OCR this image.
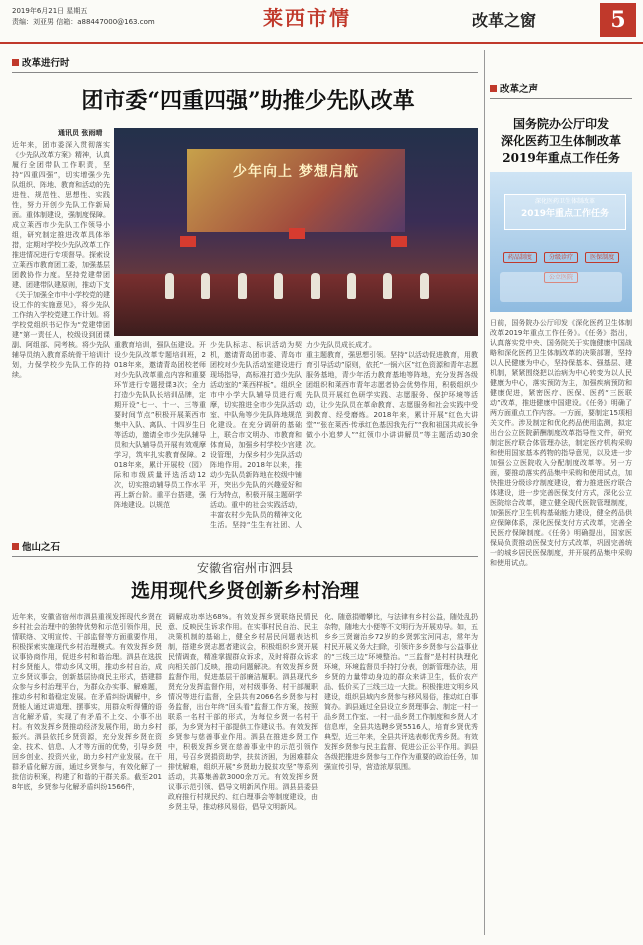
2019年6月21日 星期五
责编：刘亚男 信箱：a88447000@163.com	莱西市情	改革之窗	5
改革进行时
团市委“四重四强”助推少先队改革
通讯员 张雨晴
近年来，团市委深入贯彻落实《少先队改革方案》精神，认真履行全团带队工作职责，坚持“四重四强”，切实增强少先队组织、阵地、教育和活动的先进性、规范性、思想性、实践性，努力开创少先队工作新局面。重体制建设，强制度保障。成立莱西市少先队工作领导小组，研究制定推进改革具体举措，定期对学校少先队改革工作推进情况进行专项督导。探索设立莱西市教育团工委，加强基层团教协作力度。坚持党建带团建、团建带队建原则，推动下支《关于加强全市中小学校党的建设工作的实施意见》，将少先队工作纳入学校党建工作计划。将学校党组织书记作为“党建带团建”第一责任人，校级设到团课副、阿组部、同考核。将少先队辅导员纳入教育系统骨干培训计划，力保学校少先队工作的持续。
少年向上 梦想启航
重教育培训，强队伍建设。开设少先队改革专题培训班，2018年来，邀请青岛团校老师对少先队改革重点内容和重要环节进行专题授课3次；全力打造少先队队长培训品牌，定期开设“七一、十一、三等重要时间节点”积极开展莱西市集中入队、离队、十四岁生日等活动，邀请全市少先队辅导员和大队辅导员开展有效观摩学习，筑牢扎实教育保障。2018年来，累计开展校（园）际和市级质量评选活动12次，切实推动辅导员工作水平再上新台阶。重平台搭建，强阵地建设。以规范
少先队标志、标识活动为契机，邀请青岛团市委、青岛市团校对少先队活动室建设进行现场指导，高标准打造少先队活动室的“莱西样板”。组织全市中小学大队辅导员进行观摩，切实推进全市少先队活动室、中队角等少先队阵地规范化建设。在充分调研的基础上，联合市文明办、市教育和体育局，加强乡村学校少宫建设管理，力保乡村少先队活动阵地作用。2018年以来，推动少先队员新阵地在校级中铺开，突出少先队的兴趣爱好和行为特点，积极开展主题研学活动。重中的社会实践活动，丰富农村少先队员的精神文化生活。坚持“生生有社团、人
力少先队员成长成才。
重主题教育，强思想引领。坚持“以活动促进教育，用教育引导活动”原则，依托“一锅六区”红色资源和青年志愿服务基地，青少年活力教育基地等阵地，充分发挥各级团组织和莱西市青年志愿者协会优势作用，积极组织少先队员开展红色研学实践、志愿服务、保护环境等活动，让少先队员在革命教育、志愿服务和社会实践中受到教育、经受磨炼。2018年来，累计开展“红色大讲堂”“张在莱西·传承红色基因我先行”“我和祖国共成长争做小小追梦人”“红领巾小讲讲解员”等主题活动30余次。
改革之声
国务院办公厅印发
深化医药卫生体制改革
2019年重点工作任务
深化医药卫生体制改革
2019年重点工作任务
药品制度	分级诊疗	医保制度 公立医院
日前，国务院办公厅印发《深化医药卫生体制改革2019年重点工作任务》。《任务》指出，认真落实党中央、国务院关于实施健康中国战略和深化医药卫生体制改革的决策部署，坚持以人民健康为中心，坚持保基本、强基层、建机制，紧紧围绕把以治病为中心转变为以人民健康为中心，落实预防为主，加强疾病预防和健康促进，紧密医疗、医保、医药“三医联动”改革，推进健康中国建设。《任务》明确了两方面重点工作内容。一方面，要制定15项相关文件。涉及制定和优化药品使用监测，拟定出台公立医院薪酬制度改革指导性文件，研究制定医疗联合体管理办法，制定医疗机构采购和使用国家基本药物的指导意见，以及进一步加强公立医院收入分配制度改革等。另一方面，要推动落实药品集中采购和使用试点，加快推进分级诊疗制度建设，着力推进医疗联合体建设，进一步完善医保支付方式，深化公立医院综合改革，建立健全现代医院管理制度，加强医疗卫生机构基础能力建设，健全药品供应保障体系，深化医保支付方式改革，完善全民医疗保障制度。《任务》明确提出，国家医保局负责推动医保支付方式改革，巩固完善统一的城乡居民医保制度，并开展药品集中采购和使用试点。
他山之石
安徽省宿州市泗县
选用现代乡贤创新乡村治理
近年来，安徽省宿州市泗县重视发挥现代乡贤在乡村社会治理中的独特优势和示范引领作用，民情联络、文明宣传、干部监督等方面重要作用，积极探索实施现代乡村治理模式。有效发挥乡贤议事协商作用，促进乡村和谐治理。泗县在选拔村乡贤能人，带动乡风文明，推动乡村自治，成立乡贤议事会，创新基层协商民主形式，搭建群众参与乡村治理平台，为群众办实事、解难题，推动乡村和谐稳定发展。在矛盾纠纷调解中，乡贤能人通过讲道理、摆事实，用群众听得懂的语言化解矛盾，实现了有矛盾不上交、小事不出村。有效发挥乡贤推动经济发展作用，助力乡村振兴。泗县依托乡贤资源，充分发挥乡贤在资金、技术、信息、人才等方面的优势，引导乡贤回乡创业、投资兴业，助力乡村产业发展。在干群矛盾化解方面，通过乡贤参与，有效化解了一批信访积案，构建了和谐的干群关系。截至2018年底，乡贤参与化解矛盾纠纷1566件，
调解成功率达68%。有效发挥乡贤联络民情民意、反映民生诉求作用。在实事村民自治、民主决策机制的基础上，健全乡村居民问题表达机制，搭建乡贤志愿者建议会，积极组织乡贤开展民情调查，精准掌握群众诉求，及时将群众诉求向相关部门反映，推动问题解决。有效发挥乡贤监督作用，促进基层干部廉洁履职。泗县现代乡贤充分发挥监督作用，对村级事务、村干部履职情况等进行监督，全县共有2066名乡贤参与村务监督，出台年终“回头看”监督工作方案，按照联系一名村干部的形式，为每位乡贤一名村干部，为乡贤为村干部提供工作建议书。有效发挥乡贤参与慈善事业作用。泗县在推进乡贤工作中，积极发挥乡贤在慈善事业中的示范引领作用，号召乡贤捐资助学，扶贫济困，为困难群众排忧解难，组织开展“乡贤助力脱贫攻坚”等系列活动，共募集善款3000余万元。有效发挥乡贤议事示范引领、倡导文明新风作用。泗县县委县政府推行村规民约、红白理事会等制度建设，由乡贤主导，推动移风易俗，倡导文明新风。
化、随意捐赠攀比，与法律有乡村公益，随处乱扔杂物，随地大小便等不文明行为开展劝导。如，五乡乡三贤谢治乡72岁的乡贤郭宝河同志，常年为村民开展义务大扫除，引领许多乡贤参与公益事业的“三线三边”环境整治。“三监督”是村村执理化环境，环境监督员手持打分表，创新管理办法，用乡贤的力量带动身边的群众来讲卫生，低价农产品、低价买了三线三边一大批。积极推进文明乡风建设，组织县域内乡贤参与移风易俗，推动红白事简办。泗县通过全县设立乡贤理事会、制定一村一品乡贤工作室、一村一品乡贤工作制度和乡贤人才信息库，全县共选聘乡贤5516人，培育乡贤优秀典型，近三年来，全县共评选表彰优秀乡贤。有效发挥乡贤参与民主监督、促进公正公平作用。泗县各级把推进乡贤参与工作作为重要的政治任务，加强宣传引导，营造浓厚氛围。
